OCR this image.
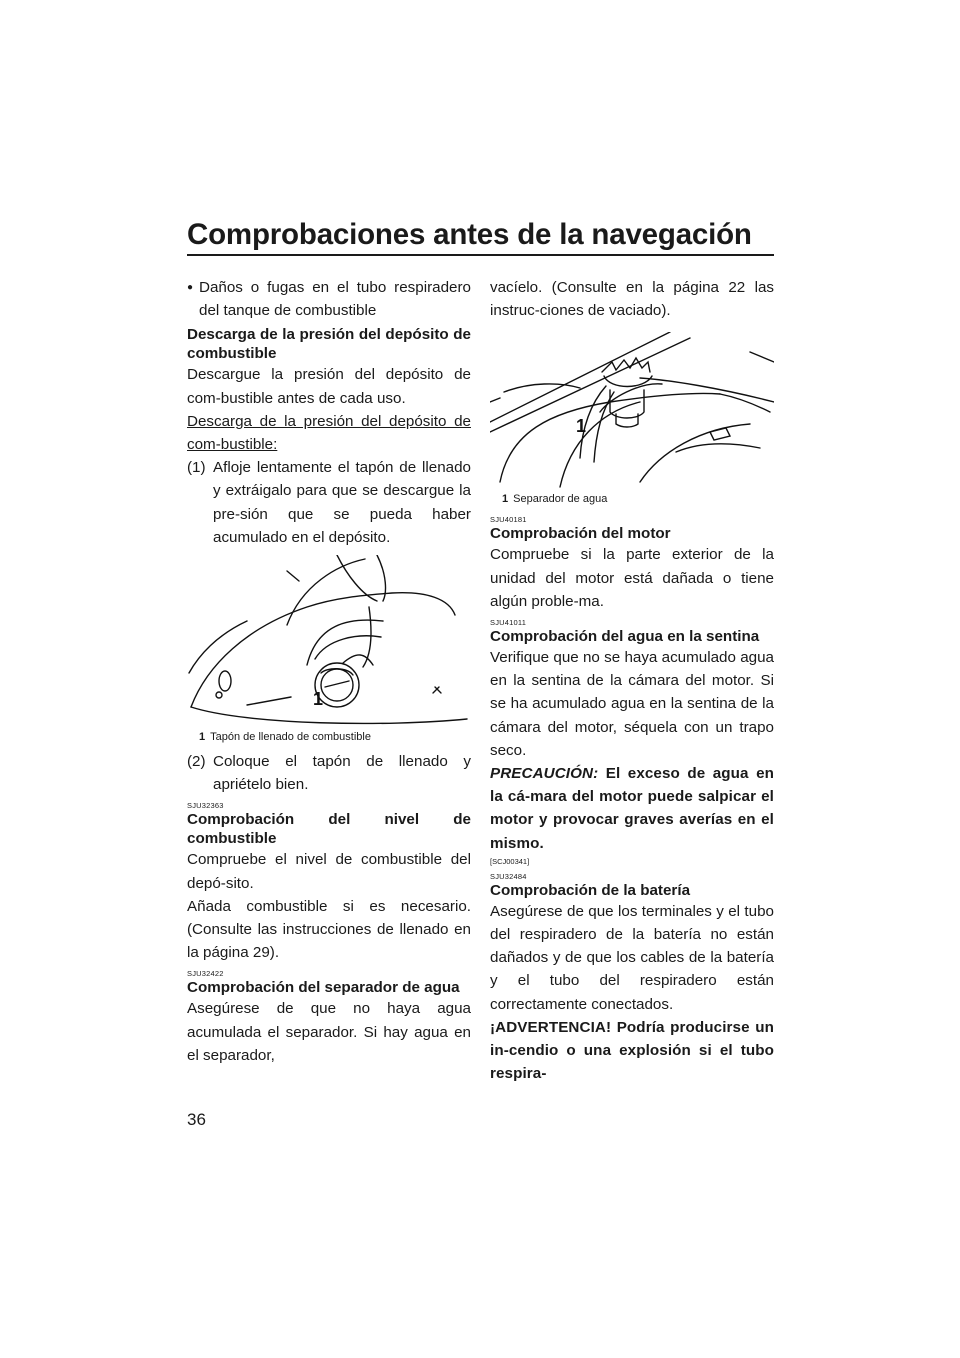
Comprobaciones antes de la navegación
● Daños o fugas en el tubo respiradero del tanque de combustible

Descarga de la presión del depósito de combustible

Descargue la presión del depósito de com-bustible antes de cada uso.

Descarga de la presión del depósito de com-bustible:

(1) Afloje lentamente el tapón de llenado y extráigalo para que se descargue la pre-sión que se pueda haber acumulado en el depósito.
1
1 Tapón de llenado de combustible
(2) Coloque el tapón de llenado y apriételo bien.
SJU32363

Comprobación del nivel de combustible

Compruebe el nivel de combustible del depó-sito.

Añada combustible si es necesario. (Consulte las instrucciones de llenado en la página 29).

SJU32422

Comprobación del separador de agua

Asegúrese de que no haya agua acumulada el separador. Si hay agua en el separador,

vacíelo. (Consulte en la página 22 las instruc-ciones de vaciado).

1
1 Separador de agua
SJU40181

Comprobación del motor

Compruebe si la parte exterior de la unidad del motor está dañada o tiene algún proble-ma.

SJU41011

Comprobación del agua en la sentina

Verifique que no se haya acumulado agua en la sentina de la cámara del motor. Si se ha acumulado agua en la sentina de la cámara del motor, séquela con un trapo seco.

PRECAUCIÓN: El exceso de agua en la cá-mara del motor puede salpicar el motor y provocar graves averías en el mismo.

[SCJ00341]
SJU32484

Comprobación de la batería

Asegúrese de que los terminales y el tubo del respiradero de la batería no están dañados y de que los cables de la batería y el tubo del respiradero están correctamente conectados.

¡ADVERTENCIA! Podría producirse un in-cendio o una explosión si el tubo respira-

36
